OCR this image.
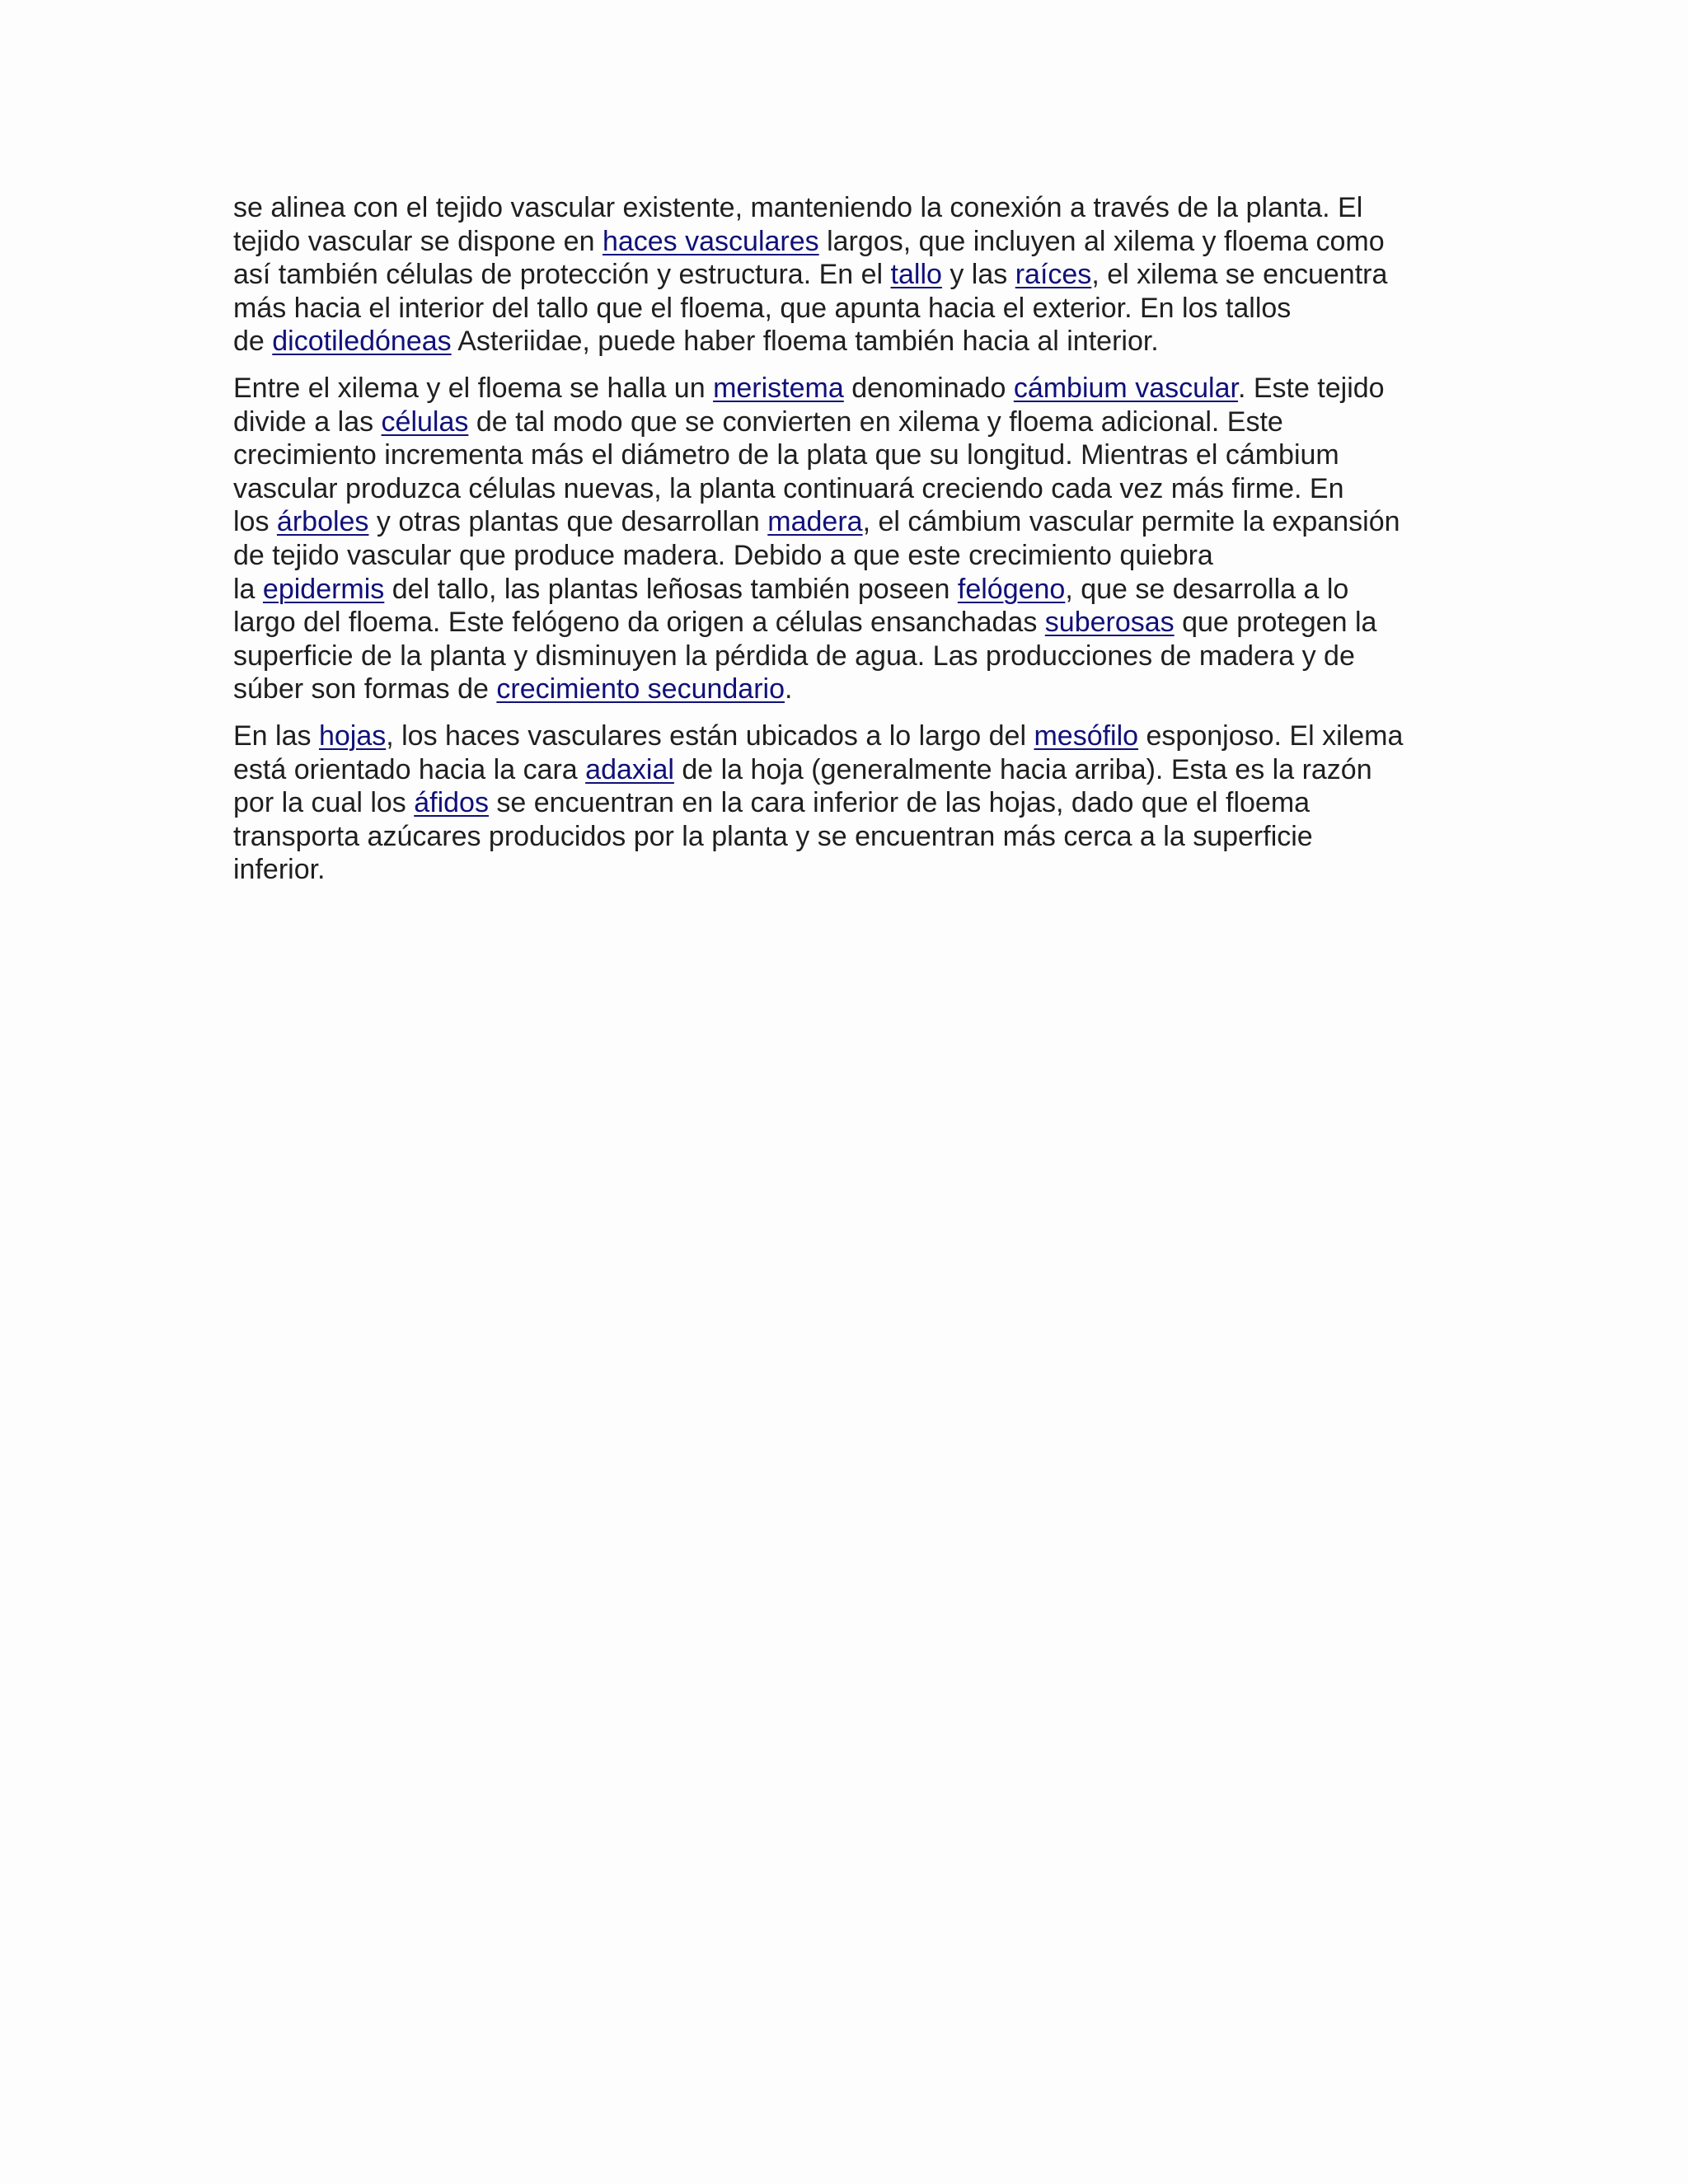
se alinea con el tejido vascular existente, manteniendo la conexión a través de la planta. El
tejido vascular se dispone en haces vasculares largos, que incluyen al xilema y floema como
así también células de protección y estructura. En el tallo y las raíces, el xilema se encuentra
más hacia el interior del tallo que el floema, que apunta hacia el exterior. En los tallos
de dicotiledóneas Asteriidae, puede haber floema también hacia al interior.

Entre el xilema y el floema se halla un meristema denominado cámbium vascular. Este tejido
divide a las células de tal modo que se convierten en xilema y floema adicional. Este
crecimiento incrementa más el diámetro de la plata que su longitud. Mientras el cámbium
vascular produzca células nuevas, la planta continuará creciendo cada vez más firme. En
los árboles y otras plantas que desarrollan madera, el cámbium vascular permite la expansión
de tejido vascular que produce madera. Debido a que este crecimiento quiebra
la epidermis del tallo, las plantas leñosas también poseen felógeno, que se desarrolla a lo
largo del floema. Este felógeno da origen a células ensanchadas suberosas que protegen la
superficie de la planta y disminuyen la pérdida de agua. Las producciones de madera y de
súber son formas de crecimiento secundario.

En las hojas, los haces vasculares están ubicados a lo largo del mesófilo esponjoso. El xilema
está orientado hacia la cara adaxial de la hoja (generalmente hacia arriba). Esta es la razón
por la cual los áfidos se encuentran en la cara inferior de las hojas, dado que el floema
transporta azúcares producidos por la planta y se encuentran más cerca a la superficie
inferior.
